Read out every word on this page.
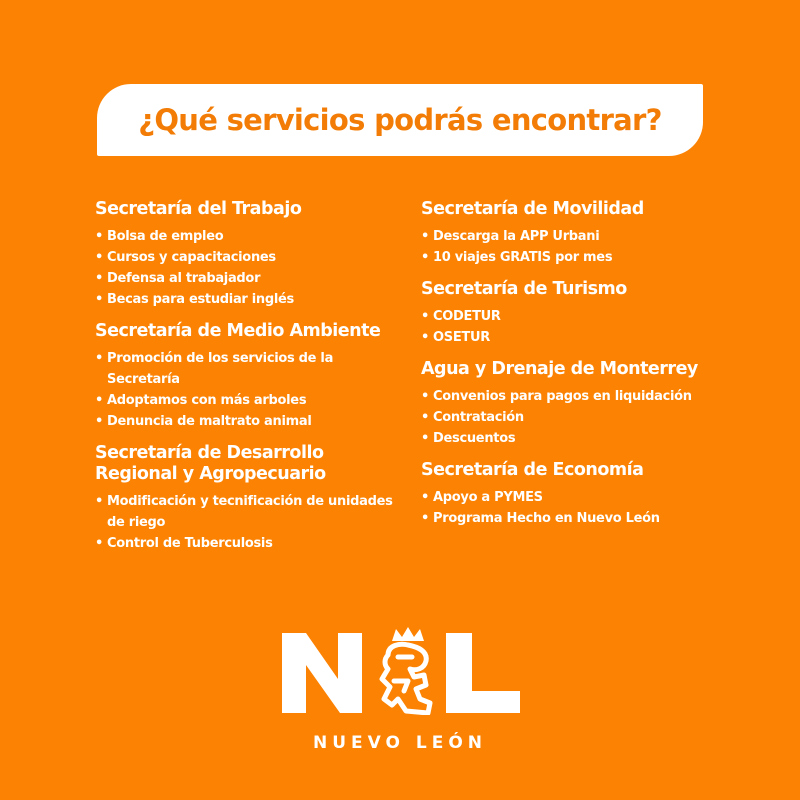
¿Qué servicios podrás encontrar?
Secretaría del Trabajo
• Bolsa de empleo
• Cursos y capacitaciones
• Defensa al trabajador
• Becas para estudiar inglés
Secretaría de Medio Ambiente
• Promoción de los servicios de la Secretaría
• Adoptamos con más arboles
• Denuncia de maltrato animal
Secretaría de Desarrollo Regional y Agropecuario
• Modificación y tecnificación de unidades de riego
• Control de Tuberculosis
Secretaría de Movilidad
• Descarga la APP Urbani
• 10 viajes GRATIS por mes
Secretaría de Turismo
• CODETUR
• OSETUR
Agua y Drenaje de Monterrey
• Convenios para pagos en liquidación
• Contratación
• Descuentos
Secretaría de Economía
• Apoyo a PYMES
• Programa Hecho en Nuevo León
NUEVO LEÓN
